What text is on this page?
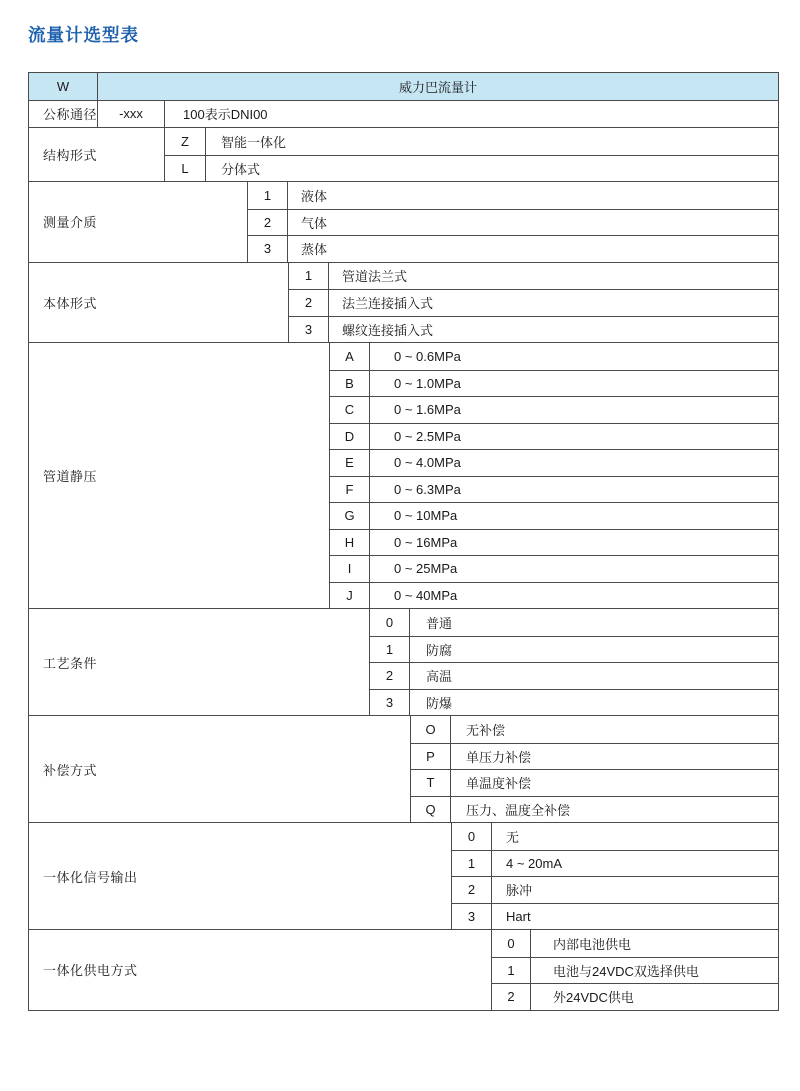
流量计选型表
W	威力巴流量计
公称通径	-xxx	100表示DNI00
结构形式
Z	智能一体化
L	分体式
测量介质
1	液体
2	气体
3	蒸体
本体形式
1	管道法兰式
2	法兰连接插入式
3	螺纹连接插入式
管道静压
A	0 ~ 0.6MPa
B	0 ~ 1.0MPa
C	0 ~ 1.6MPa
D	0 ~ 2.5MPa
E	0 ~ 4.0MPa
F	0 ~ 6.3MPa
G	0 ~ 10MPa
H	0 ~ 16MPa
I	0 ~ 25MPa
J	0 ~ 40MPa
工艺条件
0	普通
1	防腐
2	高温
3	防爆
补偿方式
O	无补偿
P	单压力补偿
T	单温度补偿
Q	压力、温度全补偿
一体化信号输出
0	无
1	4 ~ 20mA
2	脉冲
3	Hart
一体化供电方式
0	内部电池供电
1	电池与24VDC双选择供电
2	外24VDC供电
